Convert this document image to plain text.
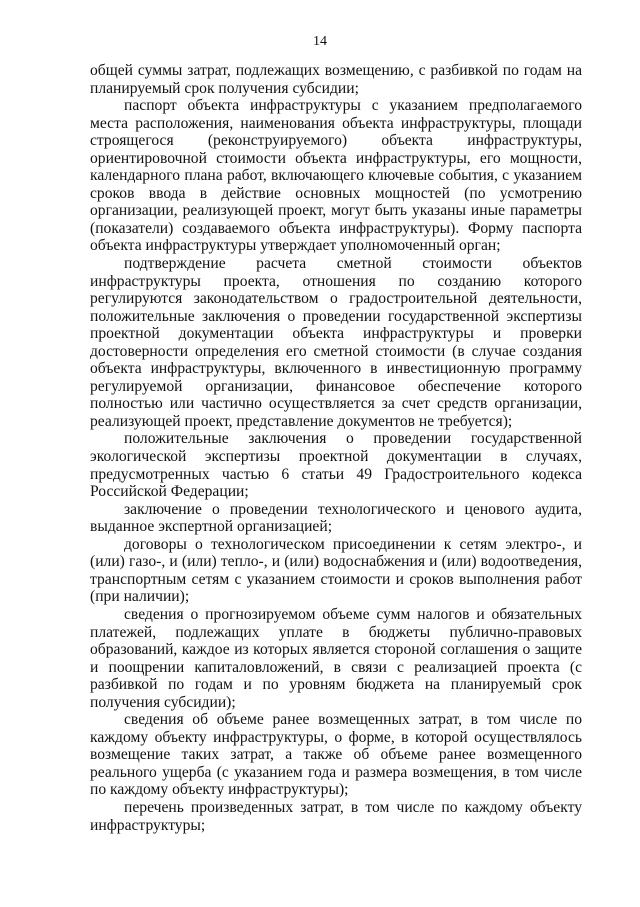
14

общей суммы затрат, подлежащих возмещению, с разбивкой по годам на планируемый срок получения субсидии;

паспорт объекта инфраструктуры с указанием предполагаемого места расположения, наименования объекта инфраструктуры, площади строящегося (реконструируемого) объекта инфраструктуры, ориентировочной стоимости объекта инфраструктуры, его мощности, календарного плана работ, включающего ключевые события, с указанием сроков ввода в действие основных мощностей (по усмотрению организации, реализующей проект, могут быть указаны иные параметры (показатели) создаваемого объекта инфраструктуры). Форму паспорта объекта инфраструктуры утверждает уполномоченный орган;

подтверждение расчета сметной стоимости объектов инфраструктуры проекта, отношения по созданию которого регулируются законодательством о градостроительной деятельности, положительные заключения о проведении государственной экспертизы проектной документации объекта инфраструктуры и проверки достоверности определения его сметной стоимости (в случае создания объекта инфраструктуры, включенного в инвестиционную программу регулируемой организации, финансовое обеспечение которого полностью или частично осуществляется за счет средств организации, реализующей проект, представление документов не требуется);

положительные заключения о проведении государственной экологической экспертизы проектной документации в случаях, предусмотренных частью 6 статьи 49 Градостроительного кодекса Российской Федерации;

заключение о проведении технологического и ценового аудита, выданное экспертной организацией;

договоры о технологическом присоединении к сетям электро-, и (или) газо-, и (или) тепло-, и (или) водоснабжения и (или) водоотведения, транспортным сетям с указанием стоимости и сроков выполнения работ (при наличии);

сведения о прогнозируемом объеме сумм налогов и обязательных платежей, подлежащих уплате в бюджеты публично-правовых образований, каждое из которых является стороной соглашения о защите и поощрении капиталовложений, в связи с реализацией проекта (с разбивкой по годам и по уровням бюджета на планируемый срок получения субсидии);

сведения об объеме ранее возмещенных затрат, в том числе по каждому объекту инфраструктуры, о форме, в которой осуществлялось возмещение таких затрат, а также об объеме ранее возмещенного реального ущерба (с указанием года и размера возмещения, в том числе по каждому объекту инфраструктуры);

перечень произведенных затрат, в том числе по каждому объекту инфраструктуры;
